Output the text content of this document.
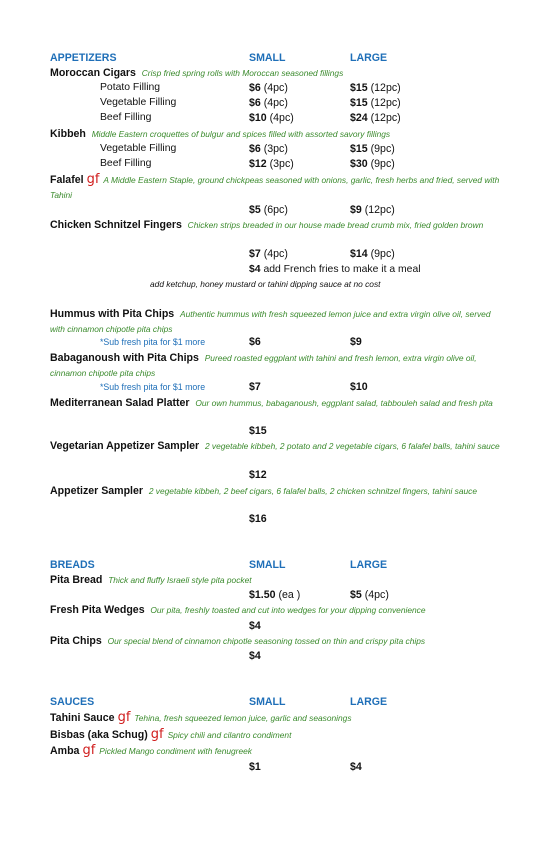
APPETIZERS	SMALL	LARGE
Moroccan Cigars Crisp fried spring rolls with Moroccan seasoned fillings
Potato Filling	$6 (4pc)	$15 (12pc)
Vegetable Filling	$6 (4pc)	$15 (12pc)
Beef Filling	$10 (4pc)	$24 (12pc)
Kibbeh Middle Eastern croquettes of bulgur and spices filled with assorted savory fillings
Vegetable Filling	$6 (3pc)	$15 (9pc)
Beef Filling	$12 (3pc)	$30 (9pc)
Falafel gf A Middle Eastern Staple, ground chickpeas seasoned with onions, garlic, fresh herbs and fried, served with Tahini
$5 (6pc)	$9 (12pc)
Chicken Schnitzel Fingers Chicken strips breaded in our house made bread crumb mix, fried golden brown
$7 (4pc)	$14 (9pc)
$4 add French fries to make it a meal
add ketchup, honey mustard or tahini dipping sauce at no cost
Hummus with Pita Chips Authentic hummus with fresh squeezed lemon juice and extra virgin olive oil, served with cinnamon chipotle pita chips
*Sub fresh pita for $1 more	$6	$9
Babaganoush with Pita Chips Pureed roasted eggplant with tahini and fresh lemon, extra virgin olive oil, cinnamon chipotle pita chips
*Sub fresh pita for $1 more	$7	$10
Mediterranean Salad Platter Our own hummus, babaganoush, eggplant salad, tabbouleh salad and fresh pita
$15
Vegetarian Appetizer Sampler 2 vegetable kibbeh, 2 potato and 2 vegetable cigars, 6 falafel balls, tahini sauce
$12
Appetizer Sampler 2 vegetable kibbeh, 2 beef cigars, 6 falafel balls, 2 chicken schnitzel fingers, tahini sauce
$16
BREADS	SMALL	LARGE
Pita Bread Thick and fluffy Israeli style pita pocket
$1.50 (ea )	$5 (4pc)
Fresh Pita Wedges Our pita, freshly toasted and cut into wedges for your dipping convenience
$4
Pita Chips Our special blend of cinnamon chipotle seasoning tossed on thin and crispy pita chips
$4
SAUCES	SMALL	LARGE
Tahini Sauce gf Tehina, fresh squeezed lemon juice, garlic and seasonings
Bisbas (aka Schug) gf Spicy chili and cilantro condiment
Amba gf Pickled Mango condiment with fenugreek
$1	$4
